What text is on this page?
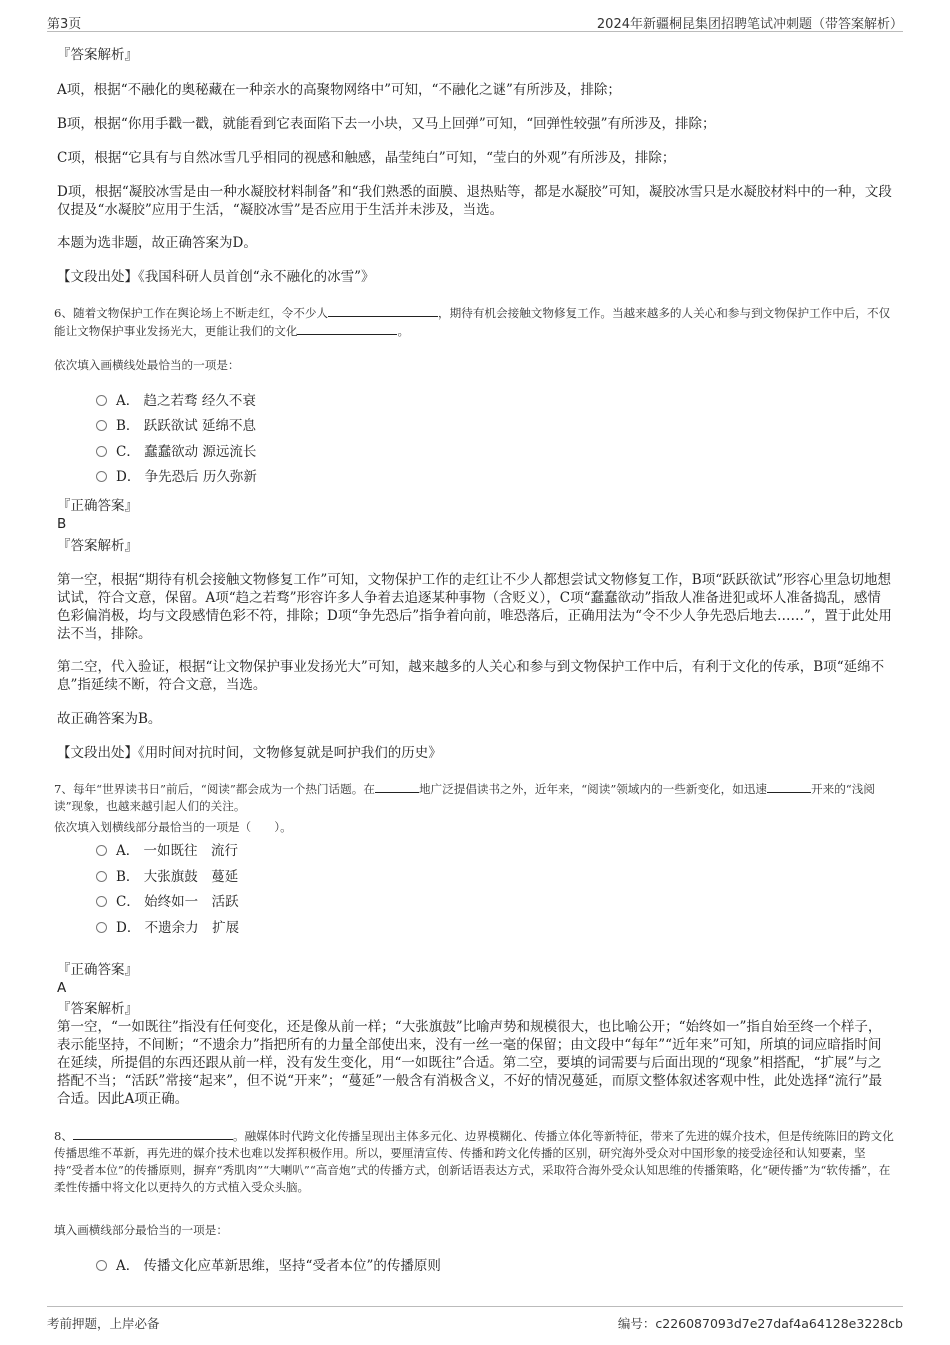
第3页	2024年新疆桐昆集团招聘笔试冲刺题（带答案解析）
『答案解析』
A项，根据“不融化的奥秘藏在一种亲水的高聚物网络中”可知，“不融化之谜”有所涉及，排除；
B项，根据“你用手戳一戳，就能看到它表面陷下去一小块，又马上回弹”可知，“回弹性较强”有所涉及，排除；
C项，根据“它具有与自然冰雪几乎相同的视感和触感，晶莹纯白”可知，“莹白的外观”有所涉及，排除；
D项，根据“凝胶冰雪是由一种水凝胶材料制备”和“我们熟悉的面膜、退热贴等，都是水凝胶”可知，凝胶冰雪只是水凝胶材料中的一种，文段仅提及“水凝胶”应用于生活，“凝胶冰雪”是否应用于生活并未涉及，当选。
本题为选非题，故正确答案为D。
【文段出处】《我国科研人员首创“永不融化的冰雪”》
6、随着文物保护工作在舆论场上不断走红，令不少人	，期待有机会接触文物修复工作。当越来越多的人关心和参与到文物保护工作中后，不仅能让文物保护事业发扬光大，更能让我们的文化	。
依次填入画横线处最恰当的一项是：
A． 趋之若骛 经久不衰
B． 跃跃欲试 延绵不息
C． 蠢蠢欲动 源远流长
D． 争先恐后 历久弥新
『正确答案』
B
『答案解析』
第一空，根据“期待有机会接触文物修复工作”可知，文物保护工作的走红让不少人都想尝试文物修复工作，B项“跃跃欲试”形容心里急切地想试试，符合文意，保留。A项“趋之若骛”形容许多人争着去追逐某种事物（含贬义），C项“蠢蠢欲动”指敌人准备进犯或坏人准备捣乱，感情色彩偏消极，均与文段感情色彩不符，排除；D项“争先恐后”指争着向前，唯恐落后，正确用法为“令不少人争先恐后地去……”，置于此处用法不当，排除。
第二空，代入验证，根据“让文物保护事业发扬光大”可知，越来越多的人关心和参与到文物保护工作中后，有利于文化的传承，B项“延绵不息”指延续不断，符合文意，当选。
故正确答案为B。
【文段出处】《用时间对抗时间，文物修复就是呵护我们的历史》
7、每年“世界读书日”前后，“阅读”都会成为一个热门话题。在	地广泛提倡读书之外，近年来，“阅读”领域内的一些新变化，如迅速	开来的“浅阅读”现象，也越来越引起人们的关注。
依次填入划横线部分最恰当的一项是（　　）。
A． 一如既往　流行
B． 大张旗鼓　蔓延
C． 始终如一　活跃
D． 不遗余力　扩展
『正确答案』
A
『答案解析』
第一空，“一如既往”指没有任何变化，还是像从前一样；“大张旗鼓”比喻声势和规模很大，也比喻公开；“始终如一”指自始至终一个样子，表示能坚持，不间断；“不遗余力”指把所有的力量全部使出来，没有一丝一毫的保留；由文段中“每年”“近年来”可知，所填的词应暗指时间在延续，所提倡的东西还跟从前一样，没有发生变化，用“一如既往”合适。第二空，要填的词需要与后面出现的“现象”相搭配，“扩展”与之搭配不当；“活跃”常接“起来”，但不说“开来”；“蔓延”一般含有消极含义，不好的情况蔓延，而原文整体叙述客观中性，此处选择“流行”最合适。因此A项正确。
8、	。融媒体时代跨文化传播呈现出主体多元化、边界模糊化、传播立体化等新特征，带来了先进的媒介技术，但是传统陈旧的跨文化传播思维不革新，再先进的媒介技术也难以发挥积极作用。所以，要厘清宣传、传播和跨文化传播的区别，研究海外受众对中国形象的接受途径和认知要素，坚持“受者本位”的传播原则，摒弃“秀肌肉”“大喇叭”“高音炮”式的传播方式，创新话语表达方式，采取符合海外受众认知思维的传播策略，化“硬传播”为“软传播”，在柔性传播中将文化以更持久的方式植入受众头脑。
填入画横线部分最恰当的一项是：
A． 传播文化应革新思维，坚持“受者本位”的传播原则
考前押题，上岸必备	编号：c226087093d7e27daf4a64128e3228cb
